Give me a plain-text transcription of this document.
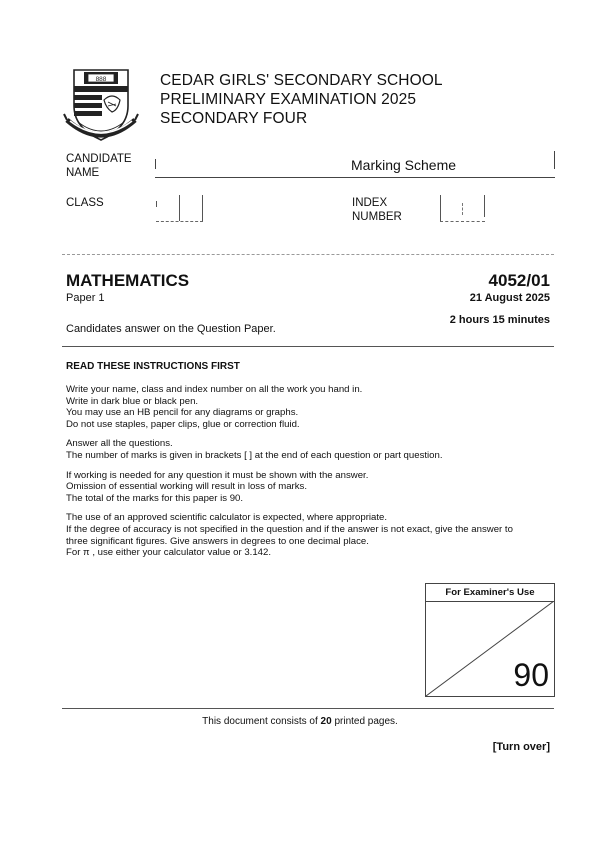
888	CEDAR GIRLS' SECONDARY SCHOOL
PRELIMINARY EXAMINATION 2025
SECONDARY FOUR
CANDIDATE
NAME	Marking Scheme
CLASS	INDEX
NUMBER
MATHEMATICS
Paper 1
4052/01
21 August 2025
2 hours 15 minutes
Candidates answer on the Question Paper.
READ THESE INSTRUCTIONS FIRST

Write your name, class and index number on all the work you hand in.

Write in dark blue or black pen.

You may use an HB pencil for any diagrams or graphs.

Do not use staples, paper clips, glue or correction fluid.

Answer all the questions.

The number of marks is given in brackets [ ] at the end of each question or part question.

If working is needed for any question it must be shown with the answer.

Omission of essential working will result in loss of marks.

The total of the marks for this paper is 90.

The use of an approved scientific calculator is expected, where appropriate.

If the degree of accuracy is not specified in the question and if the answer is not exact, give the answer to

three significant figures. Give answers in degrees to one decimal place.

For π , use either your calculator value or 3.142.

For Examiner's Use
90
This document consists of 20 printed pages.
[Turn over]
